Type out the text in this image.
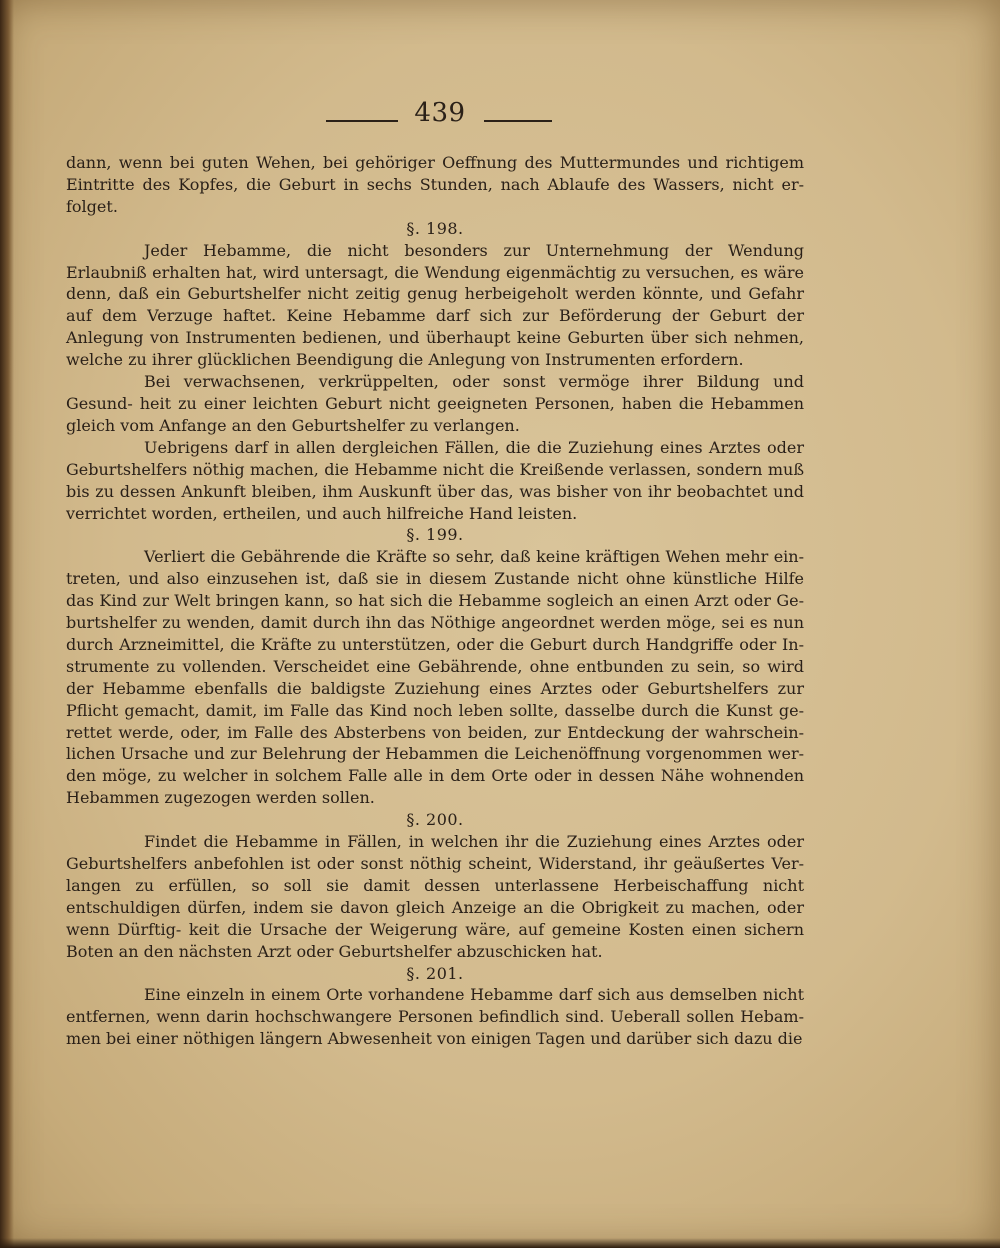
439

dann, wenn bei guten Wehen, bei gehöriger Oeffnung des Muttermundes und richtigem Eintritte des Kopfes, die Geburt in sechs Stunden, nach Ablaufe des Wassers, nicht er- folget.

§. 198.

Jeder Hebamme, die nicht besonders zur Unternehmung der Wendung Erlaubniß erhalten hat, wird untersagt, die Wendung eigenmächtig zu versuchen, es wäre denn, daß ein Geburtshelfer nicht zeitig genug herbeigeholt werden könnte, und Gefahr auf dem Verzuge haftet. Keine Hebamme darf sich zur Beförderung der Geburt der Anlegung von Instrumenten bedienen, und überhaupt keine Geburten über sich nehmen, welche zu ihrer glücklichen Beendigung die Anlegung von Instrumenten erfordern.

Bei verwachsenen, verkrüppelten, oder sonst vermöge ihrer Bildung und Gesund- heit zu einer leichten Geburt nicht geeigneten Personen, haben die Hebammen gleich vom Anfange an den Geburtshelfer zu verlangen.

Uebrigens darf in allen dergleichen Fällen, die die Zuziehung eines Arztes oder Geburtshelfers nöthig machen, die Hebamme nicht die Kreißende verlassen, sondern muß bis zu dessen Ankunft bleiben, ihm Auskunft über das, was bisher von ihr beobachtet und verrichtet worden, ertheilen, und auch hilfreiche Hand leisten.

§. 199.

Verliert die Gebährende die Kräfte so sehr, daß keine kräftigen Wehen mehr ein- treten, und also einzusehen ist, daß sie in diesem Zustande nicht ohne künstliche Hilfe das Kind zur Welt bringen kann, so hat sich die Hebamme sogleich an einen Arzt oder Ge- burtshelfer zu wenden, damit durch ihn das Nöthige angeordnet werden möge, sei es nun durch Arzneimittel, die Kräfte zu unterstützen, oder die Geburt durch Handgriffe oder In- strumente zu vollenden. Verscheidet eine Gebährende, ohne entbunden zu sein, so wird der Hebamme ebenfalls die baldigste Zuziehung eines Arztes oder Geburtshelfers zur Pflicht gemacht, damit, im Falle das Kind noch leben sollte, dasselbe durch die Kunst ge- rettet werde, oder, im Falle des Absterbens von beiden, zur Entdeckung der wahrschein- lichen Ursache und zur Belehrung der Hebammen die Leichenöffnung vorgenommen wer- den möge, zu welcher in solchem Falle alle in dem Orte oder in dessen Nähe wohnenden Hebammen zugezogen werden sollen.

§. 200.

Findet die Hebamme in Fällen, in welchen ihr die Zuziehung eines Arztes oder Geburtshelfers anbefohlen ist oder sonst nöthig scheint, Widerstand, ihr geäußertes Ver- langen zu erfüllen, so soll sie damit dessen unterlassene Herbeischaffung nicht entschuldigen dürfen, indem sie davon gleich Anzeige an die Obrigkeit zu machen, oder wenn Dürftig- keit die Ursache der Weigerung wäre, auf gemeine Kosten einen sichern Boten an den nächsten Arzt oder Geburtshelfer abzuschicken hat.

§. 201.

Eine einzeln in einem Orte vorhandene Hebamme darf sich aus demselben nicht entfernen, wenn darin hochschwangere Personen befindlich sind. Ueberall sollen Hebam- men bei einer nöthigen längern Abwesenheit von einigen Tagen und darüber sich dazu die
